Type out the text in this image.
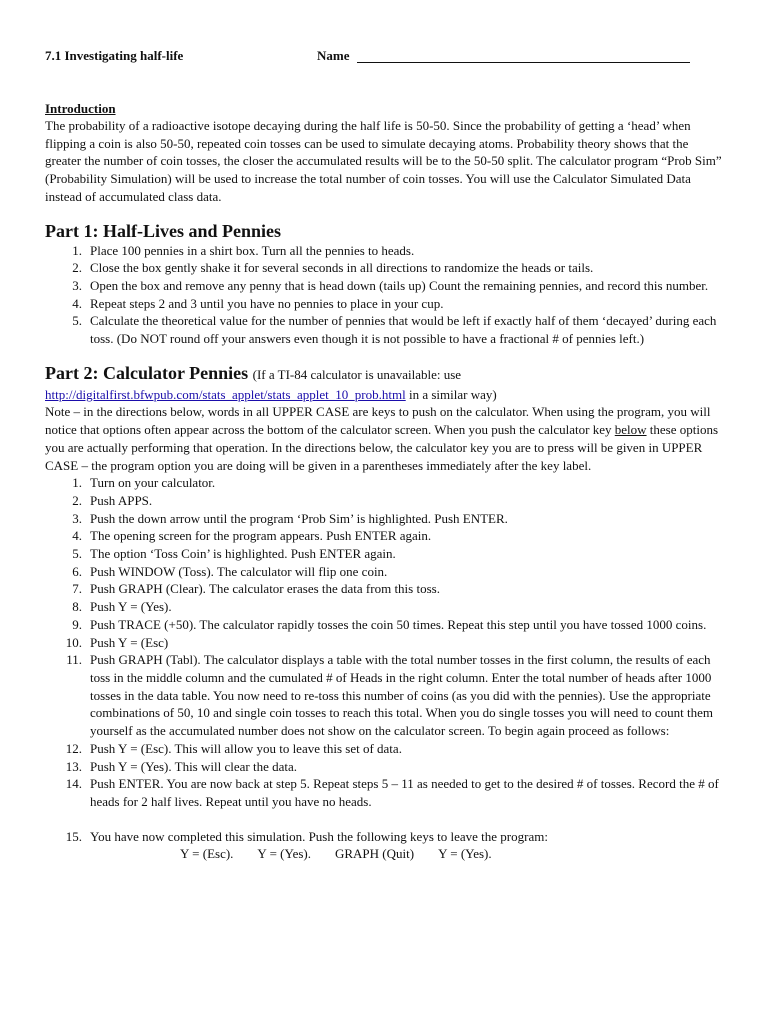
7.1 Investigating half-life	Name
Introduction

The probability of a radioactive isotope decaying during the half life is 50-50. Since the probability of getting a ‘head’ when flipping a coin is also 50-50, repeated coin tosses can be used to simulate decaying atoms. Probability theory shows that the greater the number of coin tosses, the closer the accumulated results will be to the 50-50 split. The calculator program “Prob Sim” (Probability Simulation) will be used to increase the total number of coin tosses. You will use the Calculator Simulated Data instead of accumulated class data.

Part 1: Half-Lives and Pennies
1. Place 100 pennies in a shirt box. Turn all the pennies to heads.
2. Close the box gently shake it for several seconds in all directions to randomize the heads or tails.
3. Open the box and remove any penny that is head down (tails up) Count the remaining pennies, and record this number.
4. Repeat steps 2 and 3 until you have no pennies to place in your cup.
5. Calculate the theoretical value for the number of pennies that would be left if exactly half of them ‘decayed’ during each toss. (Do NOT round off your answers even though it is not possible to have a fractional # of pennies left.)
Part 2: Calculator Pennies (If a TI-84 calculator is unavailable: use

http://digitalfirst.bfwpub.com/stats_applet/stats_applet_10_prob.html in a similar way)

Note – in the directions below, words in all UPPER CASE are keys to push on the calculator. When using the program, you will notice that options often appear across the bottom of the calculator screen. When you push the calculator key below these options you are actually performing that operation. In the directions below, the calculator key you are to press will be given in UPPER CASE – the program option you are doing will be given in a parentheses immediately after the key label.

1. Turn on your calculator.
2. Push APPS.
3. Push the down arrow until the program ‘Prob Sim’ is highlighted. Push ENTER.
4. The opening screen for the program appears. Push ENTER again.
5. The option ‘Toss Coin’ is highlighted. Push ENTER again.
6. Push WINDOW (Toss). The calculator will flip one coin.
7. Push GRAPH (Clear). The calculator erases the data from this toss.
8. Push Y = (Yes).
9. Push TRACE (+50). The calculator rapidly tosses the coin 50 times. Repeat this step until you have tossed 1000 coins.
10. Push Y = (Esc)
11. Push GRAPH (Tabl). The calculator displays a table with the total number tosses in the first column, the results of each toss in the middle column and the cumulated # of Heads in the right column. Enter the total number of heads after 1000 tosses in the data table. You now need to re-toss this number of coins (as you did with the pennies). Use the appropriate combinations of 50, 10 and single coin tosses to reach this total. When you do single tosses you will need to count them yourself as the accumulated number does not show on the calculator screen. To begin again proceed as follows:
12. Push Y = (Esc). This will allow you to leave this set of data.
13. Push Y = (Yes). This will clear the data.
14. Push ENTER. You are now back at step 5. Repeat steps 5 – 11 as needed to get to the desired # of tosses. Record the # of heads for 2 half lives. Repeat until you have no heads.
15. You have now completed this simulation. Push the following keys to leave the program:
Y = (Esc). Y = (Yes). GRAPH (Quit) Y = (Yes).
